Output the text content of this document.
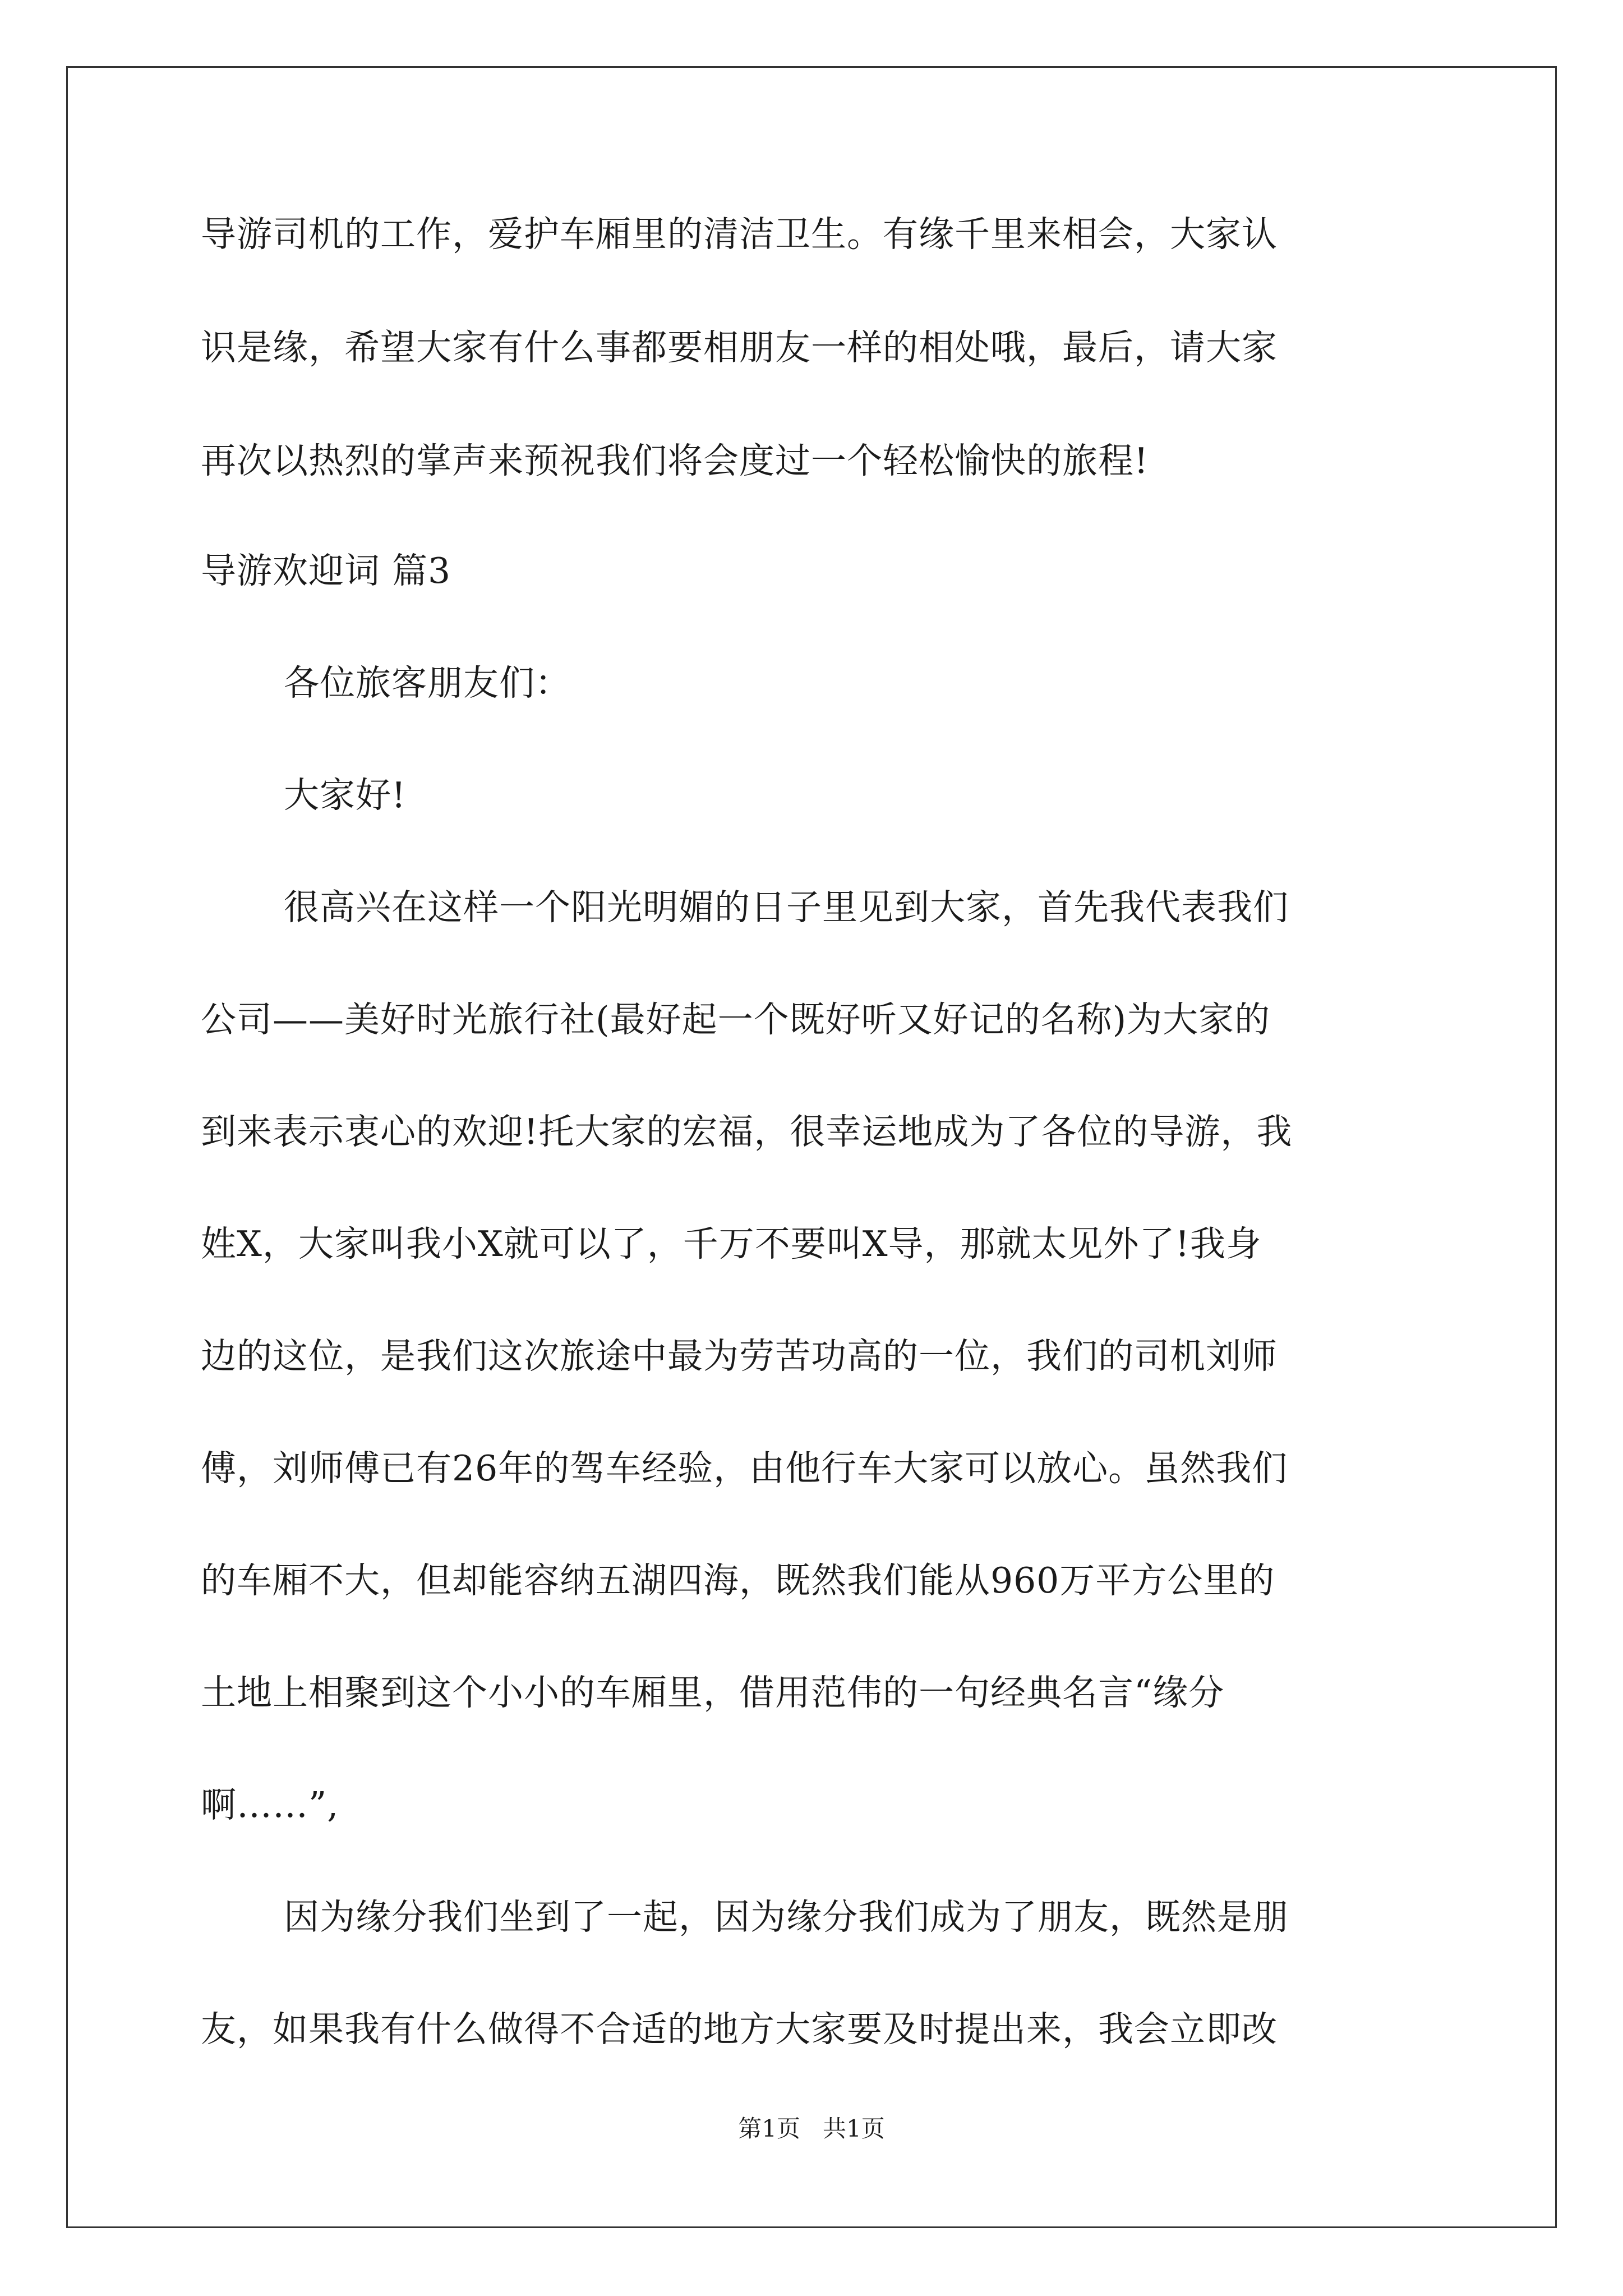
导游司机的工作，爱护车厢里的清洁卫生。有缘千里来相会，大家认
识是缘，希望大家有什么事都要相朋友一样的相处哦，最后，请大家
再次以热烈的掌声来预祝我们将会度过一个轻松愉快的旅程!
导游欢迎词 篇3
各位旅客朋友们：
大家好!
很高兴在这样一个阳光明媚的日子里见到大家，首先我代表我们
公司——美好时光旅行社(最好起一个既好听又好记的名称)为大家的
到来表示衷心的欢迎!托大家的宏福，很幸运地成为了各位的导游，我
姓X，大家叫我小X就可以了，千万不要叫X导，那就太见外了!我身
边的这位，是我们这次旅途中最为劳苦功高的一位，我们的司机刘师
傅，刘师傅已有26年的驾车经验，由他行车大家可以放心。虽然我们
的车厢不大，但却能容纳五湖四海，既然我们能从960万平方公里的
土地上相聚到这个小小的车厢里，借用范伟的一句经典名言“缘分
啊……”,
因为缘分我们坐到了一起，因为缘分我们成为了朋友，既然是朋
友，如果我有什么做得不合适的地方大家要及时提出来，我会立即改
第1页   共1页
